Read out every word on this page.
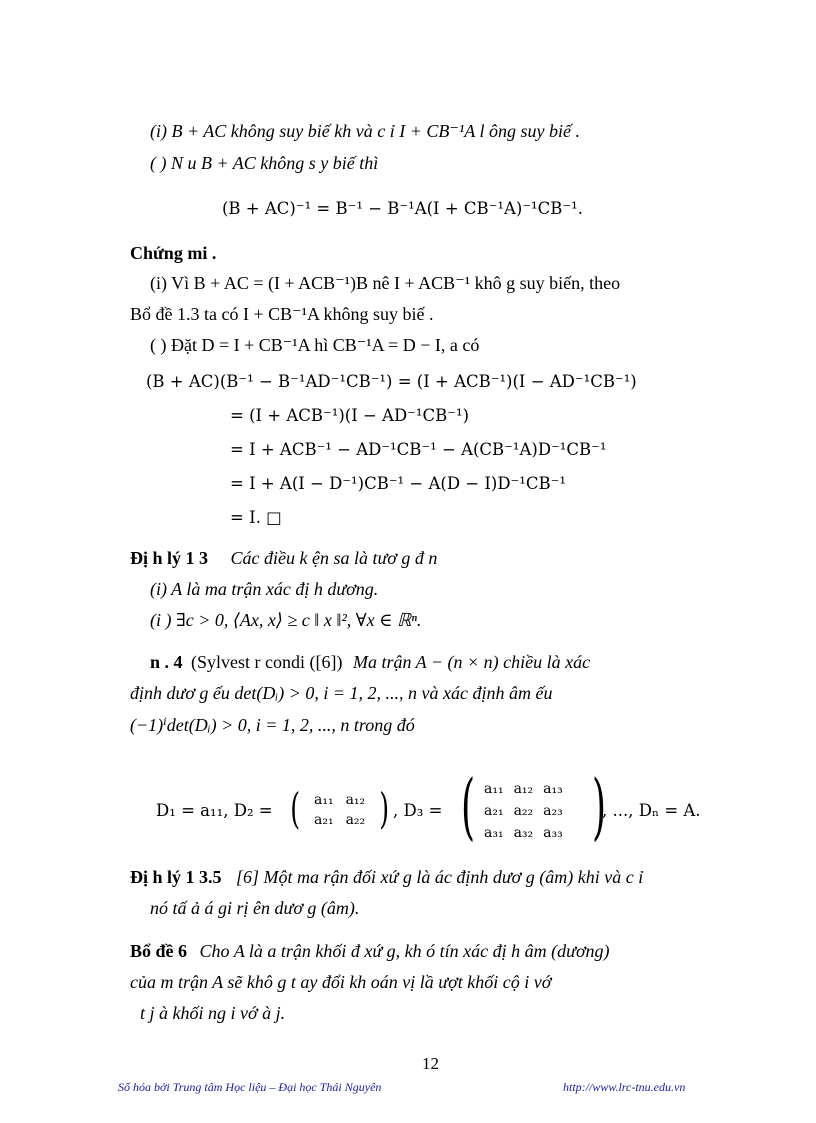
(i) B + AC không suy biế kh và c ỉ I + CB⁻¹A l ông suy biế .
( ) N u B + AC không s y biế thì
(B + AC)⁻¹ = B⁻¹ − B⁻¹A(I + CB⁻¹A)⁻¹CB⁻¹.
Chứng mi .
(i) Vì B + AC = (I + ACB⁻¹)B nê I + ACB⁻¹ khô g suy biến, theo
Bổ đề 1.3 ta có I + CB⁻¹A không suy biế .
( ) Đặt D = I + CB⁻¹A hì CB⁻¹A = D − I, a có
(B + AC)(B⁻¹ − B⁻¹AD⁻¹CB⁻¹) = (I + ACB⁻¹)(I − AD⁻¹CB⁻¹)
= (I + ACB⁻¹)(I − AD⁻¹CB⁻¹)
= I + ACB⁻¹ − AD⁻¹CB⁻¹ − A(CB⁻¹A)D⁻¹CB⁻¹
= I + A(I − D⁻¹)CB⁻¹ − A(D − I)D⁻¹CB⁻¹
= I. □
Đị h lý 1 3 Các điều k ện sa là tươ g đ n
(i) A là ma trận xác đị h dương.
(i ) ∃c > 0, ⟨Ax, x⟩ ≥ c ‖ x ‖², ∀x ∈ ℝⁿ.
n . 4 (Sylvest r condi ([6]) Ma trận A − (n × n) chiều là xác
định dươ g ếu det(Dᵢ) > 0, i = 1, 2, ..., n và xác định âm ếu
(−1)ⁱdet(Dᵢ) > 0, i = 1, 2, ..., n trong đó
D₁ = a₁₁, D₂ = ( a₁₁ a₁₂
a₂₁ a₂₂ ) , D₃ = ( a₁₁ a₁₂ a₁₃
a₂₁ a₂₂ a₂₃
a₃₁ a₃₂ a₃₃ )
, ..., Dₙ = A.
Đị h lý 1 3.5 [6] Một ma rận đối xứ g là ác định dươ g (âm) khi và c ỉ
nó tấ ả á gi rị ên dươ g (âm).
Bổ đề 6 Cho A là a trận khối đ xứ g, kh ó tín xác đị h âm (dương)
của m trận A sẽ khô g t ay đổi kh oán vị lầ ượt khối cộ i vớ
t j à khối ng i vớ à j.
12
Số hóa bởi Trung tâm Học liệu – Đại học Thái Nguyên	http://www.lrc-tnu.edu.vn
